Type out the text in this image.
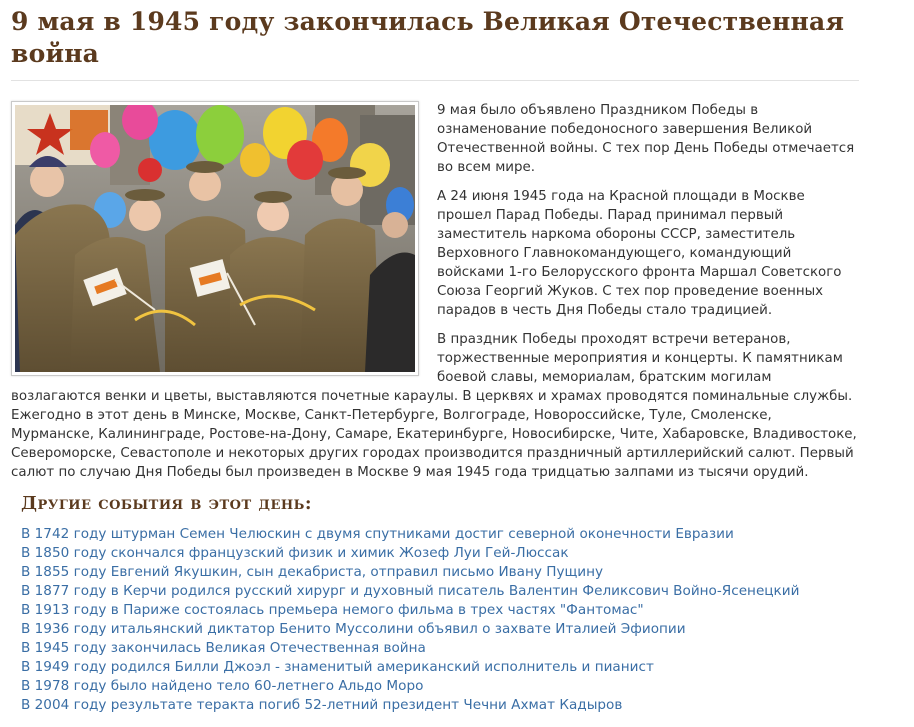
9 мая в 1945 году закончилась Великая Отечественная война

9 мая было объявлено Праздником Победы в ознаменование победоносного завершения Великой Отечественной войны. С тех пор День Победы отмечается во всем мире.

А 24 июня 1945 года на Красной площади в Москве прошел Парад Победы. Парад принимал первый заместитель наркома обороны СССР, заместитель Верховного Главнокомандующего, командующий войсками 1-го Белорусского фронта Маршал Советского Союза Георгий Жуков. С тех пор проведение военных парадов в честь Дня Победы стало традицией.

В праздник Победы проходят встречи ветеранов, торжественные мероприятия и концерты. К памятникам боевой славы, мемориалам, братским могилам возлагаются венки и цветы, выставляются почетные караулы. В церквях и храмах проводятся поминальные службы. Ежегодно в этот день в Минске, Москве, Санкт-Петербурге, Волгограде, Новороссийске, Туле, Смоленске, Мурманске, Калининграде, Ростове-на-Дону, Самаре, Екатеринбурге, Новосибирске, Чите, Хабаровске, Владивостоке, Североморске, Севастополе и некоторых других городах производится праздничный артиллерийский салют. Первый салют по случаю Дня Победы был произведен в Москве 9 мая 1945 года тридцатью залпами из тысячи орудий.

Другие события в этот день:
В 1742 году штурман Семен Челюскин с двумя спутниками достиг северной оконечности Евразии
В 1850 году скончался французский физик и химик Жозеф Луи Гей-Люссак
В 1855 году Евгений Якушкин, сын декабриста, отправил письмо Ивану Пущину
В 1877 году в Керчи родился русский хирург и духовный писатель Валентин Феликсович Войно-Ясенецкий
В 1913 году в Париже состоялась премьера немого фильма в трех частях "Фантомас"
В 1936 году итальянский диктатор Бенито Муссолини объявил о захвате Италией Эфиопии
В 1945 году закончилась Великая Отечественная война
В 1949 году родился Билли Джоэл - знаменитый американский исполнитель и пианист
В 1978 году было найдено тело 60-летнего Альдо Моро
В 2004 году результате теракта погиб 52-летний президент Чечни Ахмат Кадыров
